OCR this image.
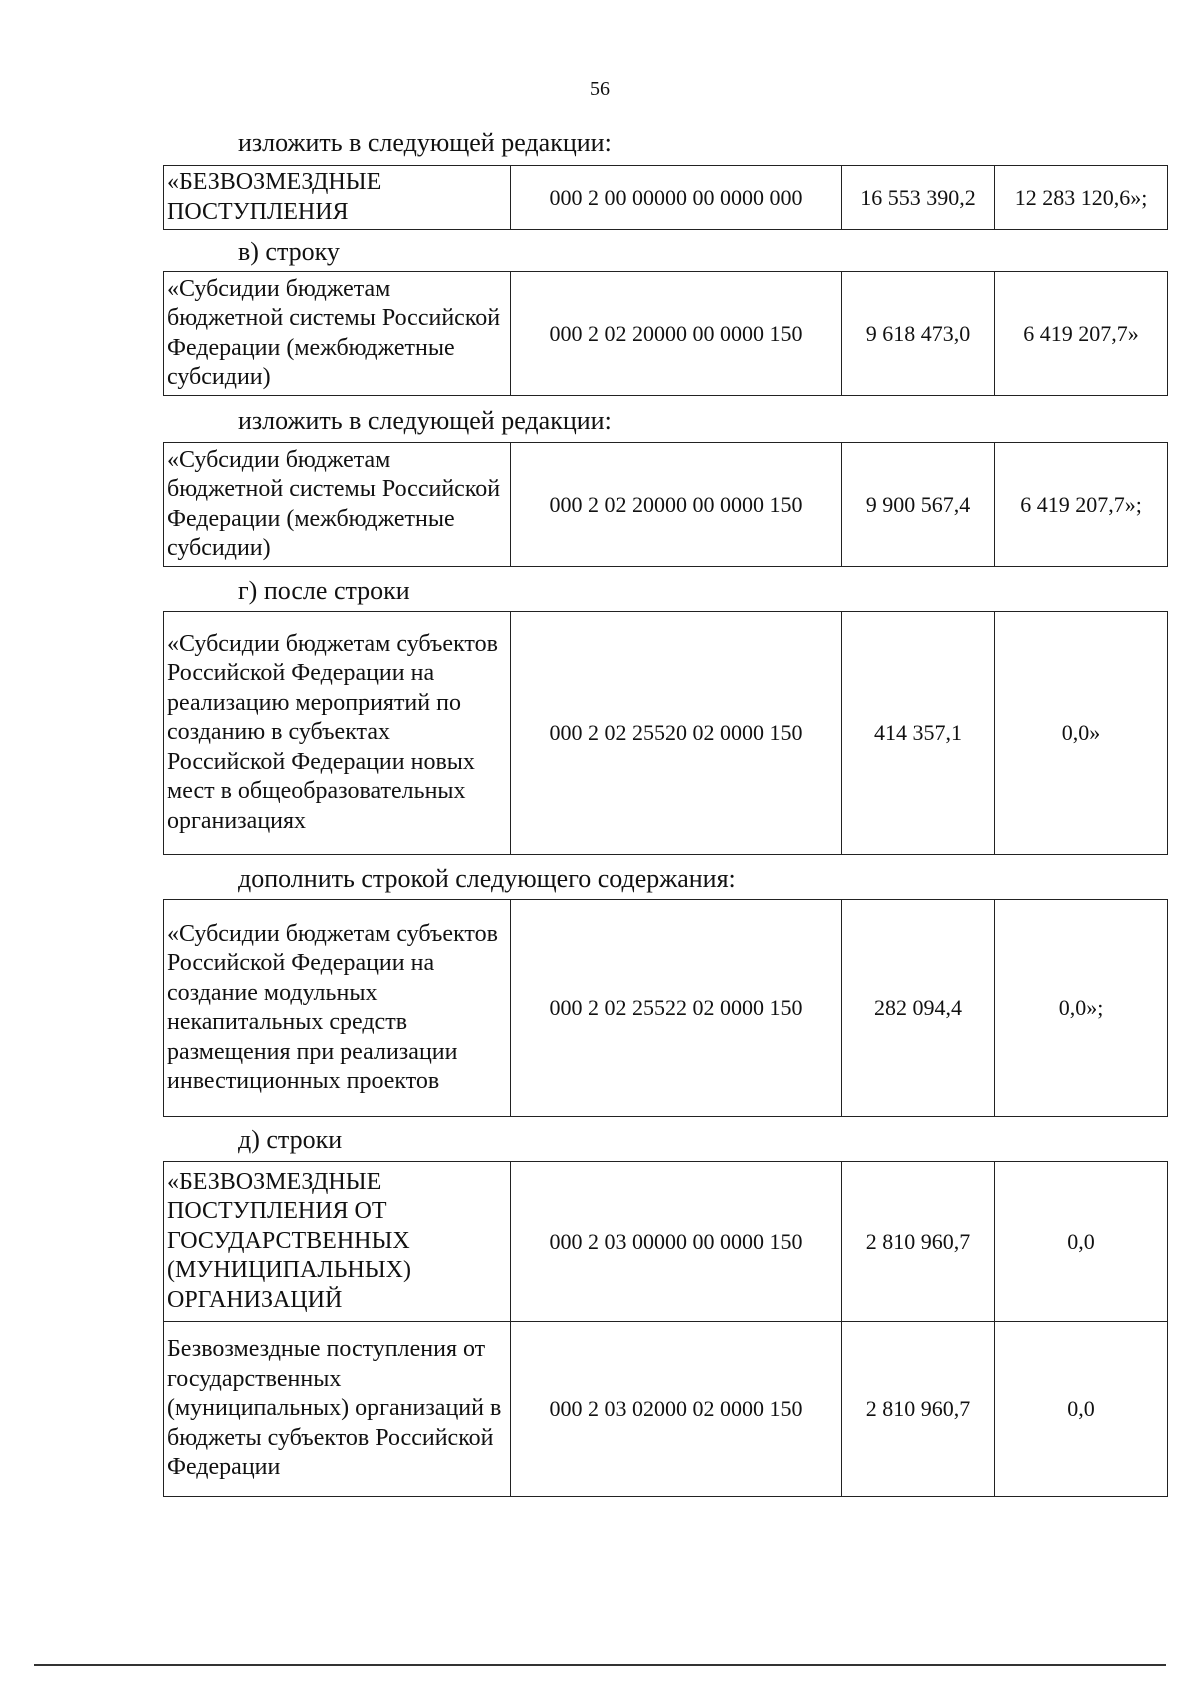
56
изложить в следующей редакции:
«БЕЗВОЗМЕЗДНЫЕ ПОСТУПЛЕНИЯ	000 2 00 00000 00 0000 000	16 553 390,2	12 283 120,6»;
в) строку
«Субсидии бюджетам бюджетной системы Российской Федерации (межбюджетные субсидии)	000 2 02 20000 00 0000 150	9 618 473,0	6 419 207,7»
изложить в следующей редакции:
«Субсидии бюджетам бюджетной системы Российской Федерации (межбюджетные субсидии)	000 2 02 20000 00 0000 150	9 900 567,4	6 419 207,7»;
г) после строки
«Субсидии бюджетам субъектов Российской Федерации на реализацию мероприятий по созданию в субъектах Российской Федерации новых мест в общеобразовательных организациях	000 2 02 25520 02 0000 150	414 357,1	0,0»
дополнить строкой следующего содержания:
«Субсидии бюджетам субъектов Российской Федерации на создание модульных некапитальных средств размещения при реализации инвестиционных проектов	000 2 02 25522 02 0000 150	282 094,4	0,0»;
д) строки
«БЕЗВОЗМЕЗДНЫЕ ПОСТУПЛЕНИЯ ОТ ГОСУДАРСТВЕННЫХ (МУНИЦИПАЛЬНЫХ) ОРГАНИЗАЦИЙ	000 2 03 00000 00 0000 150	2 810 960,7	0,0
Безвозмездные поступления от государственных (муниципальных) организаций в бюджеты субъектов Российской Федерации	000 2 03 02000 02 0000 150	2 810 960,7	0,0
